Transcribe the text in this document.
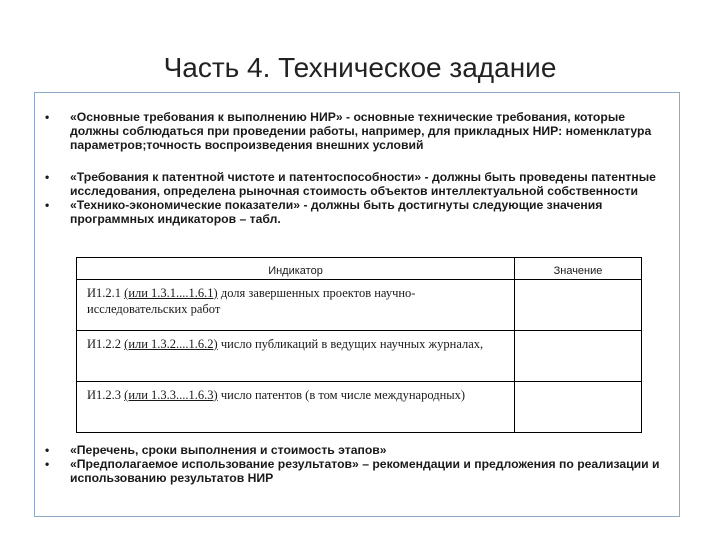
Часть 4. Техническое задание
• «Основные требования к выполнению НИР» - основные технические требования, которые должны соблюдаться при проведении работы, например, для прикладных НИР: номенклатура параметров;точность воспроизведения внешних условий
• «Требования к патентной чистоте и патентоспособности» - должны быть проведены патентные исследования, определена рыночная стоимость объектов интеллектуальной собственности
• «Технико-экономические показатели» - должны быть достигнуты следующие значения программных индикаторов – табл.
Индикатор	Значение
И1.2.1 (или 1.3.1....1.6.1) доля завершенных проектов научно-исследовательских работ	
И1.2.2 (или 1.3.2....1.6.2) число публикаций в ведущих научных журналах,	
И1.2.3 (или 1.3.3....1.6.3) число патентов (в том числе международных)	
• «Перечень, сроки выполнения и стоимость этапов»
• «Предполагаемое использование результатов» – рекомендации и предложения по реализации и использованию результатов НИР
